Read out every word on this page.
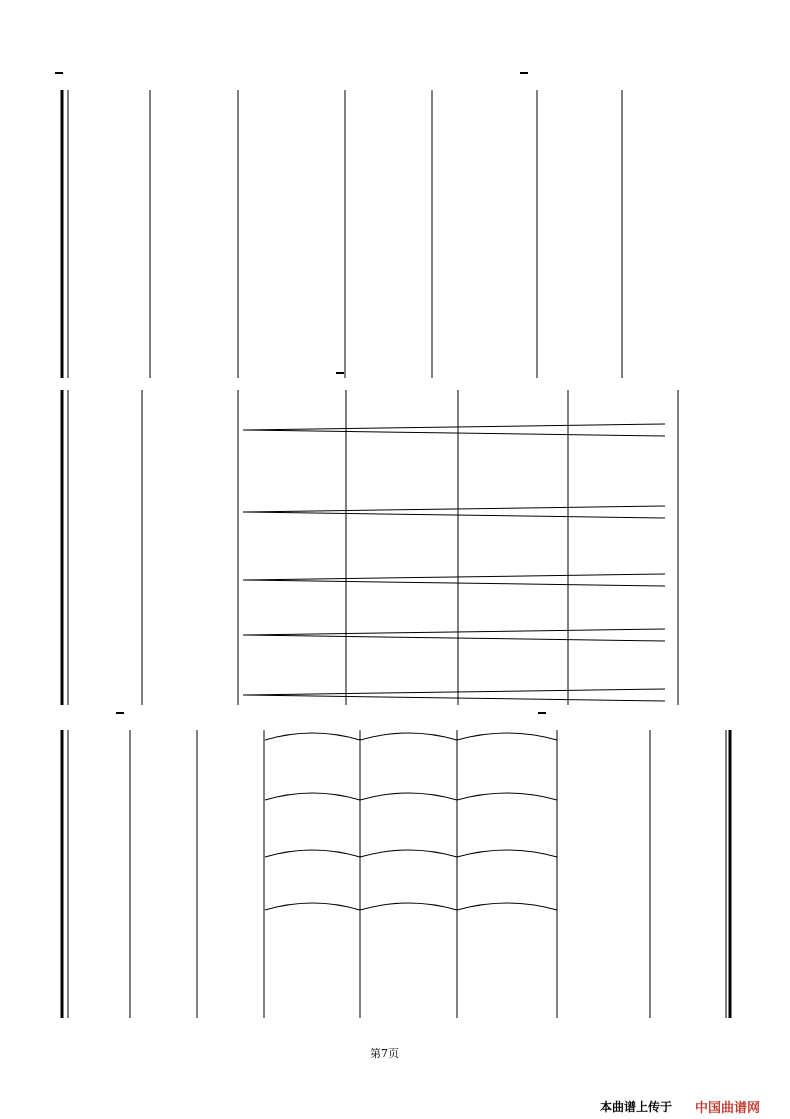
第7页
本曲谱上传于 中国曲谱网
